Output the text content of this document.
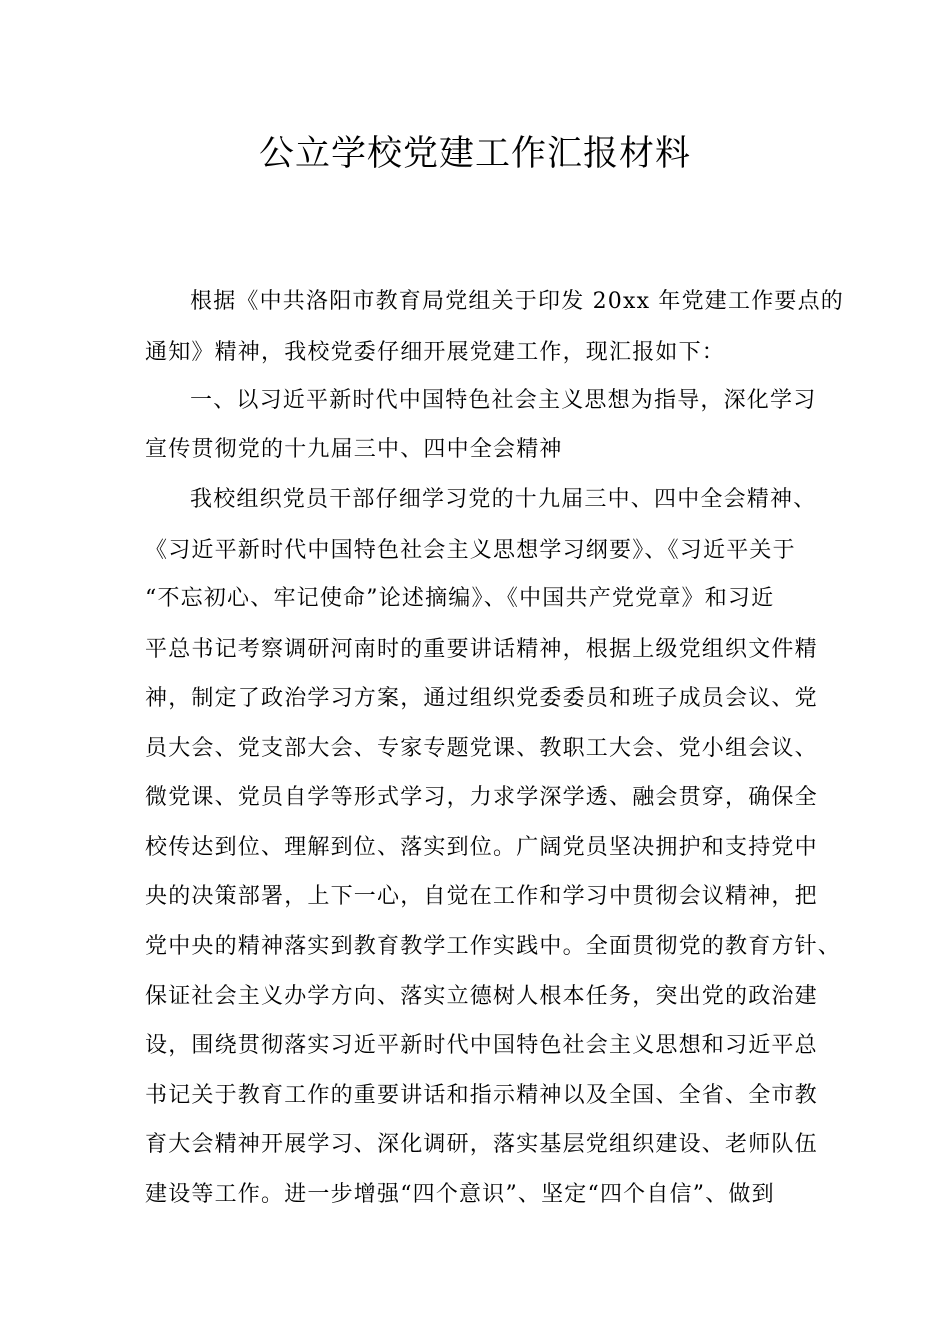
公立学校党建工作汇报材料
根据《中共洛阳市教育局党组关于印发 20xx 年党建工作要点的
通知》精神，我校党委仔细开展党建工作，现汇报如下：
一、以习近平新时代中国特色社会主义思想为指导，深化学习
宣传贯彻党的十九届三中、四中全会精神
我校组织党员干部仔细学习党的十九届三中、四中全会精神、
《习近平新时代中国特色社会主义思想学习纲要》、《习近平关于
“不忘初心、牢记使命”论述摘编》、《中国共产党党章》和习近
平总书记考察调研河南时的重要讲话精神，根据上级党组织文件精
神，制定了政治学习方案，通过组织党委委员和班子成员会议、党
员大会、党支部大会、专家专题党课、教职工大会、党小组会议、
微党课、党员自学等形式学习，力求学深学透、融会贯穿，确保全
校传达到位、理解到位、落实到位。广阔党员坚决拥护和支持党中
央的决策部署，上下一心，自觉在工作和学习中贯彻会议精神，把
党中央的精神落实到教育教学工作实践中。全面贯彻党的教育方针、
保证社会主义办学方向、落实立德树人根本任务，突出党的政治建
设，围绕贯彻落实习近平新时代中国特色社会主义思想和习近平总
书记关于教育工作的重要讲话和指示精神以及全国、全省、全市教
育大会精神开展学习、深化调研，落实基层党组织建设、老师队伍
建设等工作。进一步增强“四个意识”、坚定“四个自信”、做到
